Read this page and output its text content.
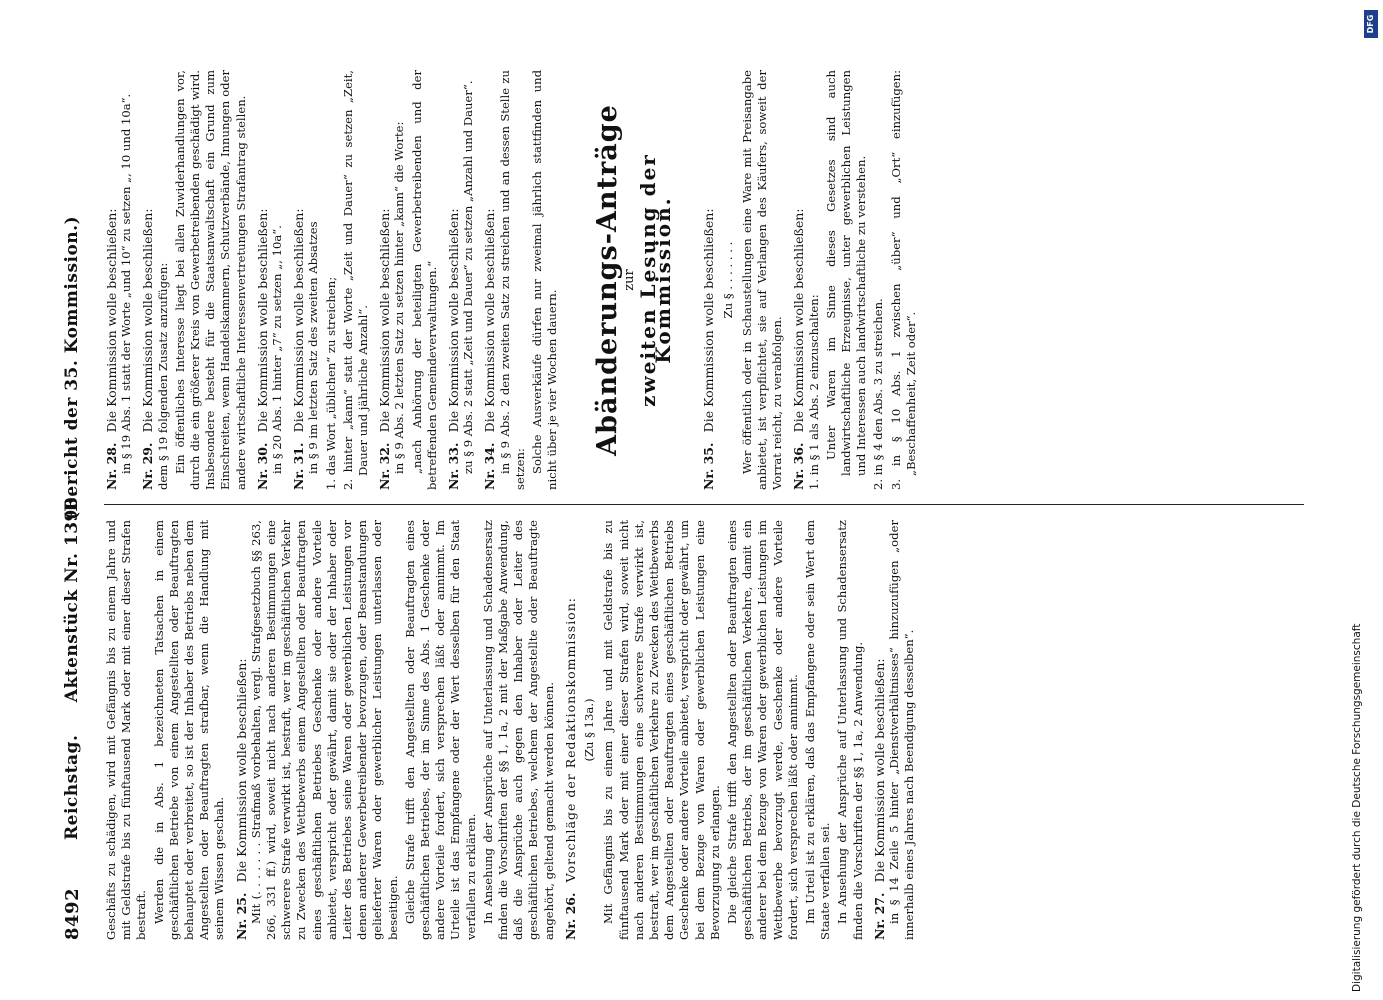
8492
Reichstag. Aktenstück Nr. 1390.
(Bericht der 35. Kommission.)

Geschäfts zu schädigen, wird mit Gefängnis bis zu einem Jahre und mit Geldstrafe bis zu fünftausend Mark oder mit einer dieser Strafen bestraft. Werden die in Abs. 1 bezeichneten Tatsachen in einem geschäftlichen Betriebe von einem Angestellten oder Beauftragten behauptet oder verbreitet, so ist der Inhaber des Betriebs neben dem Angestellten oder Beauftragten strafbar, wenn die Handlung mit seinem Wissen geschah. Nr. 25. Die Kommission wolle beschließen: Mit (. . . . . . . Strafmaß vorbehalten, vergl. Strafgesetzbuch §§ 263, 266, 331 ff.) wird, soweit nicht nach anderen Bestimmungen eine schwerere Strafe verwirkt ist, bestraft, wer im geschäftlichen Verkehr zu Zwecken des Wettbewerbs einem Angestellten oder Beauftragten eines geschäftlichen Betriebes Geschenke oder andere Vorteile anbietet, verspricht oder gewährt, damit sie oder der Inhaber oder Leiter des Betriebes seine Waren oder gewerblichen Leistungen vor denen anderer Gewerbetreibender bevorzugen, oder Beanstandungen gelieferter Waren oder gewerblicher Leistungen unterlassen oder beseitigen. Gleiche Strafe trifft den Angestellten oder Beauftragten eines geschäftlichen Betriebes, der im Sinne des Abs. 1 Geschenke oder andere Vorteile fordert, sich versprechen läßt oder annimmt. Im Urteile ist das Empfangene oder der Wert desselben für den Staat verfallen zu erklären. In Ansehung der Ansprüche auf Unterlassung und Schadensersatz finden die Vorschriften der §§ 1, 1a, 2 mit der Maßgabe Anwendung, daß die Ansprüche auch gegen den Inhaber oder Leiter des geschäftlichen Betriebes, welchem der Angestellte oder Beauftragte angehört, geltend gemacht werden können. Nr. 26. Vorschläge der Redaktionskommission: (Zu § 13a.) Mit Gefängnis bis zu einem Jahre und mit Geldstrafe bis zu fünftausend Mark oder mit einer dieser Strafen wird, soweit nicht nach anderen Bestimmungen eine schwerere Strafe verwirkt ist, bestraft, wer im geschäftlichen Verkehre zu Zwecken des Wettbewerbs dem Angestellten oder Beauftragten eines geschäftlichen Betriebs Geschenke oder andere Vorteile anbietet, verspricht oder gewährt, um bei dem Bezuge von Waren oder gewerblichen Leistungen eine Bevorzugung zu erlangen. Die gleiche Strafe trifft den Angestellten oder Beauftragten eines geschäftlichen Betriebs, der im geschäftlichen Verkehre, damit ein anderer bei dem Bezuge von Waren oder gewerblichen Leistungen im Wettbewerbe bevorzugt werde, Geschenke oder andere Vorteile fordert, sich versprechen läßt oder annimmt. Im Urteil ist zu erklären, daß das Empfangene oder sein Wert dem Staate verfallen sei. In Ansehung der Ansprüche auf Unterlassung und Schadensersatz finden die Vorschriften der §§ 1, 1a, 2 Anwendung. Nr. 27. Die Kommission wolle beschließen: in § 14 Zeile 5 hinter „Dienstverhältnisses“ hinzuzufügen „oder innerhalb eines Jahres nach Beendigung desselben“.

Nr. 28. Die Kommission wolle beschließen: in § 19 Abs. 1 statt der Worte „und 10“ zu setzen „, 10 und 10a“. Nr. 29. Die Kommission wolle beschließen: dem § 19 folgenden Zusatz anzufügen: Ein öffentliches Interesse liegt bei allen Zuwiderhandlungen vor, durch die ein größerer Kreis von Gewerbetreibenden geschädigt wird. Insbesondere besteht für die Staatsanwaltschaft ein Grund zum Einschreiten, wenn Handelskammern, Schutzverbände, Innungen oder andere wirtschaftliche Interessenvertretungen Strafantrag stellen. Nr. 30. Die Kommission wolle beschließen: in § 20 Abs. 1 hinter „7“ zu setzen „, 10a“. Nr. 31. Die Kommission wolle beschließen: in § 9 im letzten Satz des zweiten Absatzes 1. das Wort „üblichen“ zu streichen; 2. hinter „kann“ statt der Worte „Zeit und Dauer“ zu setzen „Zeit, Dauer und jährliche Anzahl“. Nr. 32. Die Kommission wolle beschließen: in § 9 Abs. 2 letzten Satz zu setzen hinter „kann“ die Worte: „nach Anhörung der beteiligten Gewerbetreibenden und der betreffenden Gemeindeverwaltungen.“ Nr. 33. Die Kommission wolle beschließen: zu § 9 Abs. 2 statt „Zeit und Dauer“ zu setzen „Anzahl und Dauer“. Nr. 34. Die Kommission wolle beschließen: in § 9 Abs. 2 den zweiten Satz zu streichen und an dessen Stelle zu setzen: Solche Ausverkäufe dürfen nur zweimal jährlich stattfinden und nicht über je vier Wochen dauern. Abänderungs-Anträge
zur zweiten Lesung der Kommission.
Nr. 35. Die Kommission wolle beschließen: Zu § . . . . . . . Wer öffentlich oder in Schaustellungen eine Ware mit Preisangabe anbietet, ist verpflichtet, sie auf Verlangen des Käufers, soweit der Vorrat reicht, zu verabfolgen. Nr. 36. Die Kommission wolle beschließen: 1. in § 1 als Abs. 2 einzuschalten: Unter Waren im Sinne dieses Gesetzes sind auch landwirtschaftliche Erzeugnisse, unter gewerblichen Leistungen und Interessen auch landwirtschaftliche zu verstehen. 2. in § 4 den Abs. 3 zu streichen. 3. in § 10 Abs. 1 zwischen „über“ und „Ort“ einzufügen: „Beschaffenheit, Zeit oder“.

Digitalisierung gefördert durch die Deutsche Forschungsgemeinschaft
DFG
